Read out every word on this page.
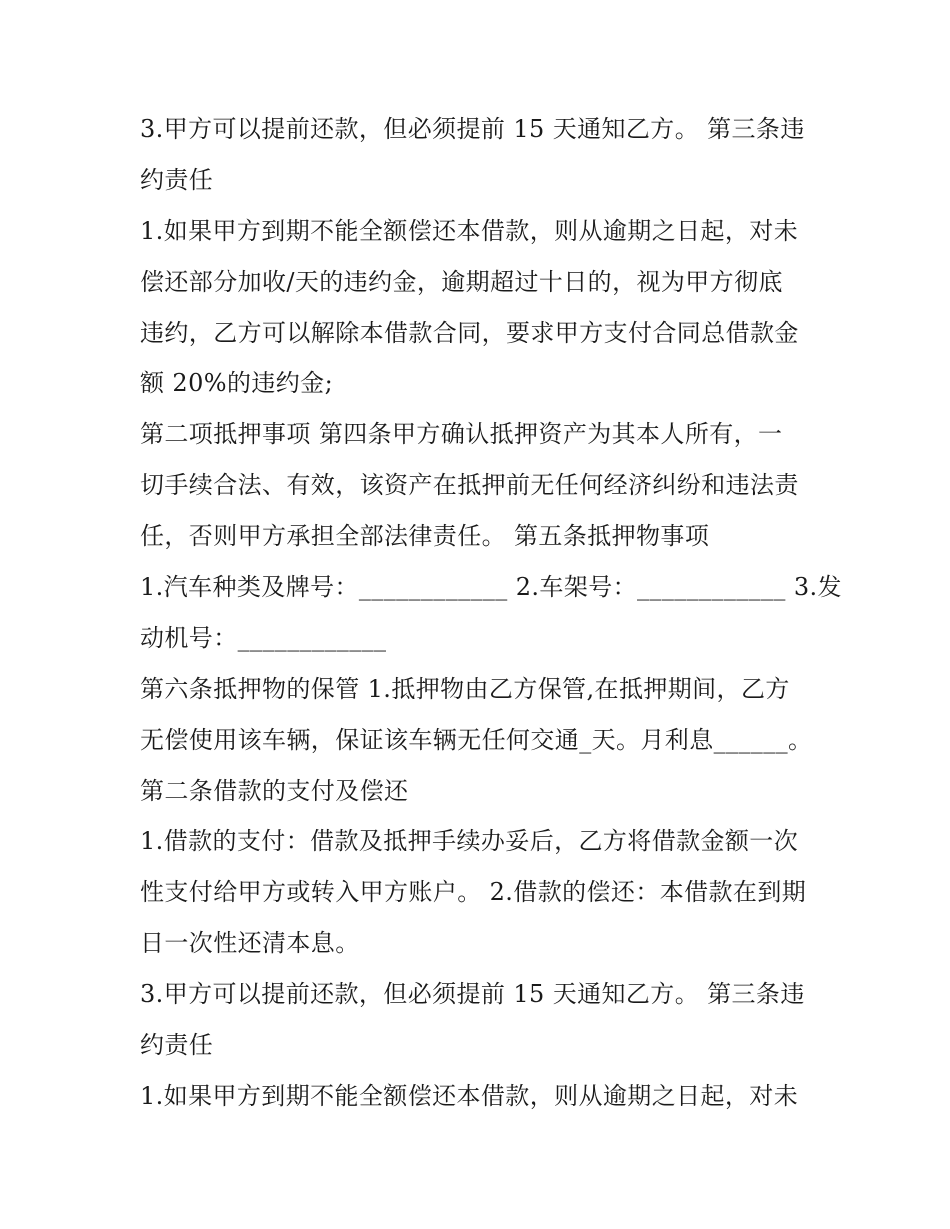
3.甲方可以提前还款，但必须提前 15 天通知乙方。 第三条违
约责任
1.如果甲方到期不能全额偿还本借款，则从逾期之日起，对未
偿还部分加收/天的违约金，逾期超过十日的，视为甲方彻底
违约，乙方可以解除本借款合同，要求甲方支付合同总借款金
额 20%的违约金;
第二项抵押事项 第四条甲方确认抵押资产为其本人所有，一
切手续合法、有效，该资产在抵押前无任何经济纠纷和违法责
任，否则甲方承担全部法律责任。 第五条抵押物事项
1.汽车种类及牌号：____________ 2.车架号：____________ 3.发
动机号：____________
第六条抵押物的保管 1.抵押物由乙方保管,在抵押期间，乙方
无偿使用该车辆，保证该车辆无任何交通_天。月利息______。
第二条借款的支付及偿还
1.借款的支付：借款及抵押手续办妥后，乙方将借款金额一次
性支付给甲方或转入甲方账户。 2.借款的偿还：本借款在到期
日一次性还清本息。
3.甲方可以提前还款，但必须提前 15 天通知乙方。 第三条违
约责任
1.如果甲方到期不能全额偿还本借款，则从逾期之日起，对未
